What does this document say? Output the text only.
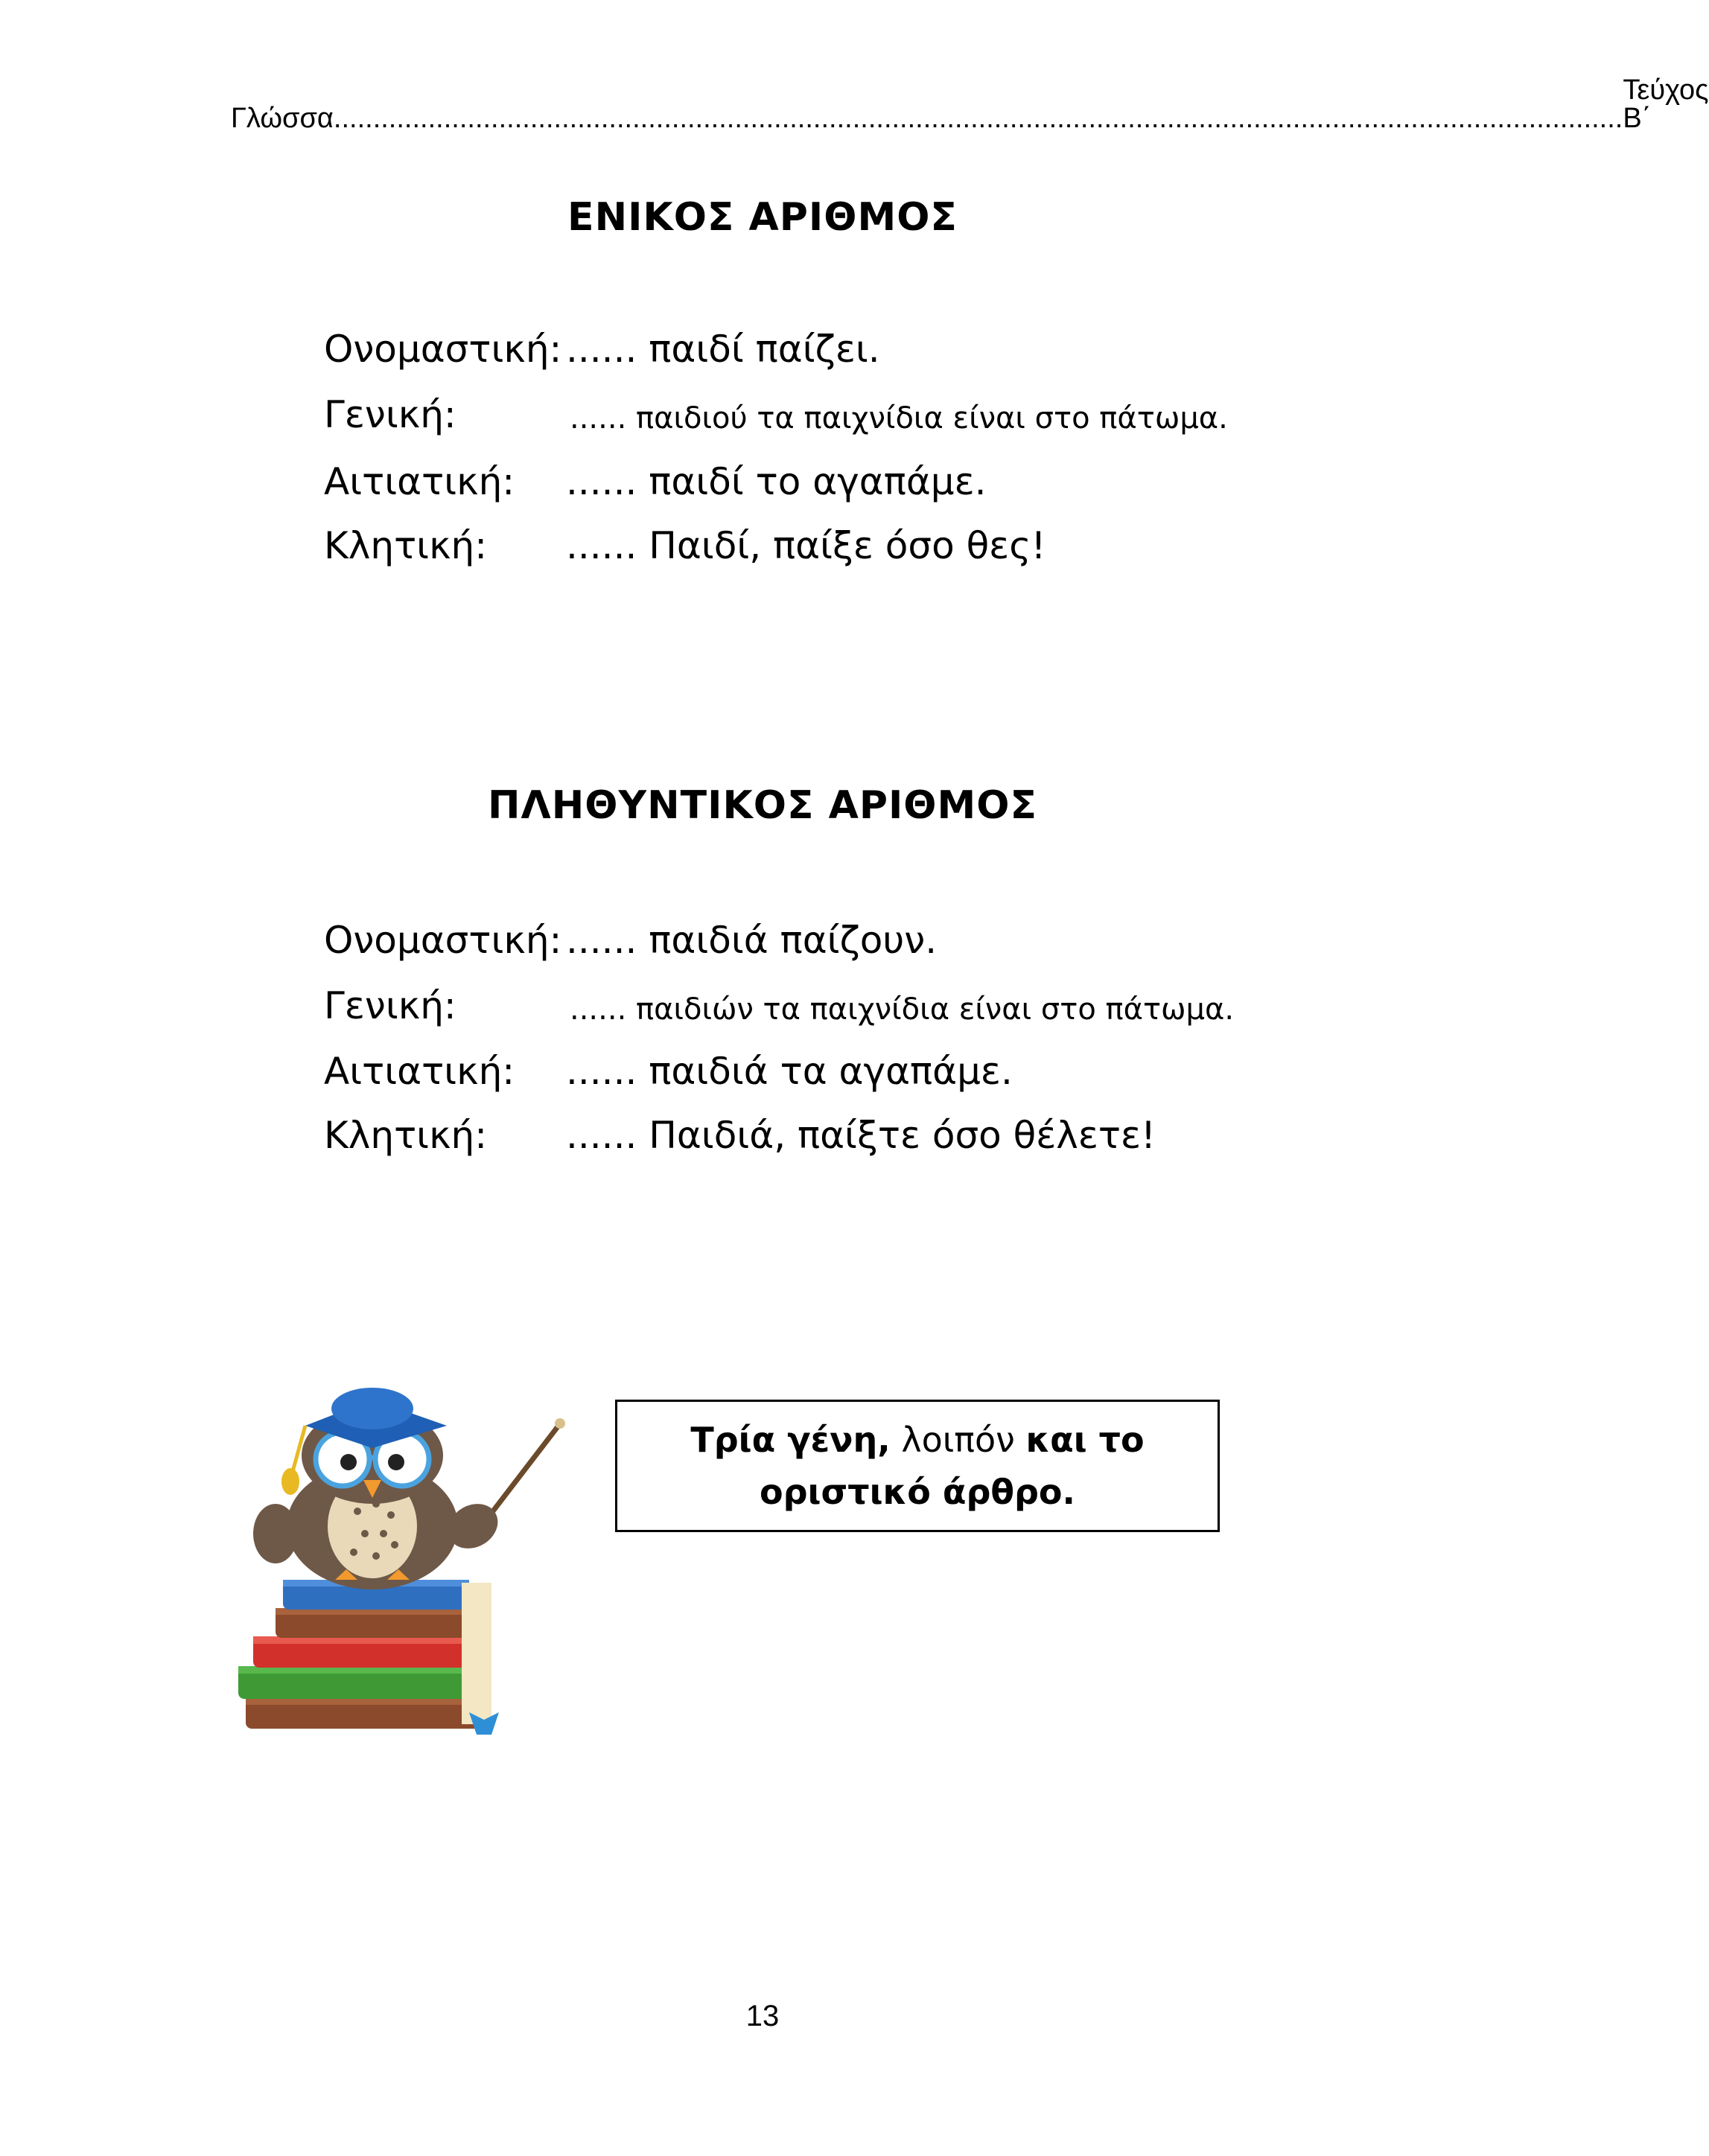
Γλώσσα ....................................................................................................................................................................
Τεύχος Β΄
ΕΝΙΚΟΣ ΑΡΙΘΜΟΣ
Ονομαστική: ...... παιδί παίζει.
Γενική:	...... παιδιού τα παιχνίδια είναι στο πάτωμα.
Αιτιατική: ...... παιδί το αγαπάμε.
Κλητική: ...... Παιδί, παίξε όσο θες!
ΠΛΗΘΥΝΤΙΚΟΣ ΑΡΙΘΜΟΣ
Ονομαστική: ...... παιδιά παίζουν.
Γενική:	...... παιδιών τα παιχνίδια είναι στο πάτωμα.
Αιτιατική: ...... παιδιά τα αγαπάμε.
Κλητική: ...... Παιδιά, παίξτε όσο θέλετε!
Τρία γένη, λοιπόν και το
οριστικό άρθρο.
13
